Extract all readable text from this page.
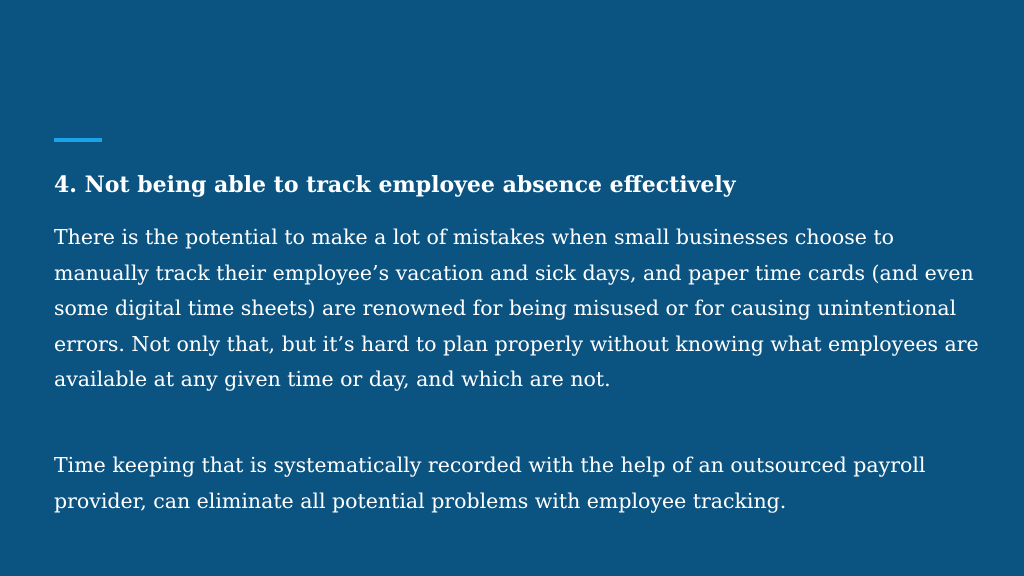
4. Not being able to track employee absence effectively

There is the potential to make a lot of mistakes when small businesses choose to manually track their employee’s vacation and sick days, and paper time cards (and even some digital time sheets) are renowned for being misused or for causing unintentional errors. Not only that, but it’s hard to plan properly without knowing what employees are available at any given time or day, and which are not.

Time keeping that is systematically recorded with the help of an outsourced payroll provider, can eliminate all potential problems with employee tracking.
